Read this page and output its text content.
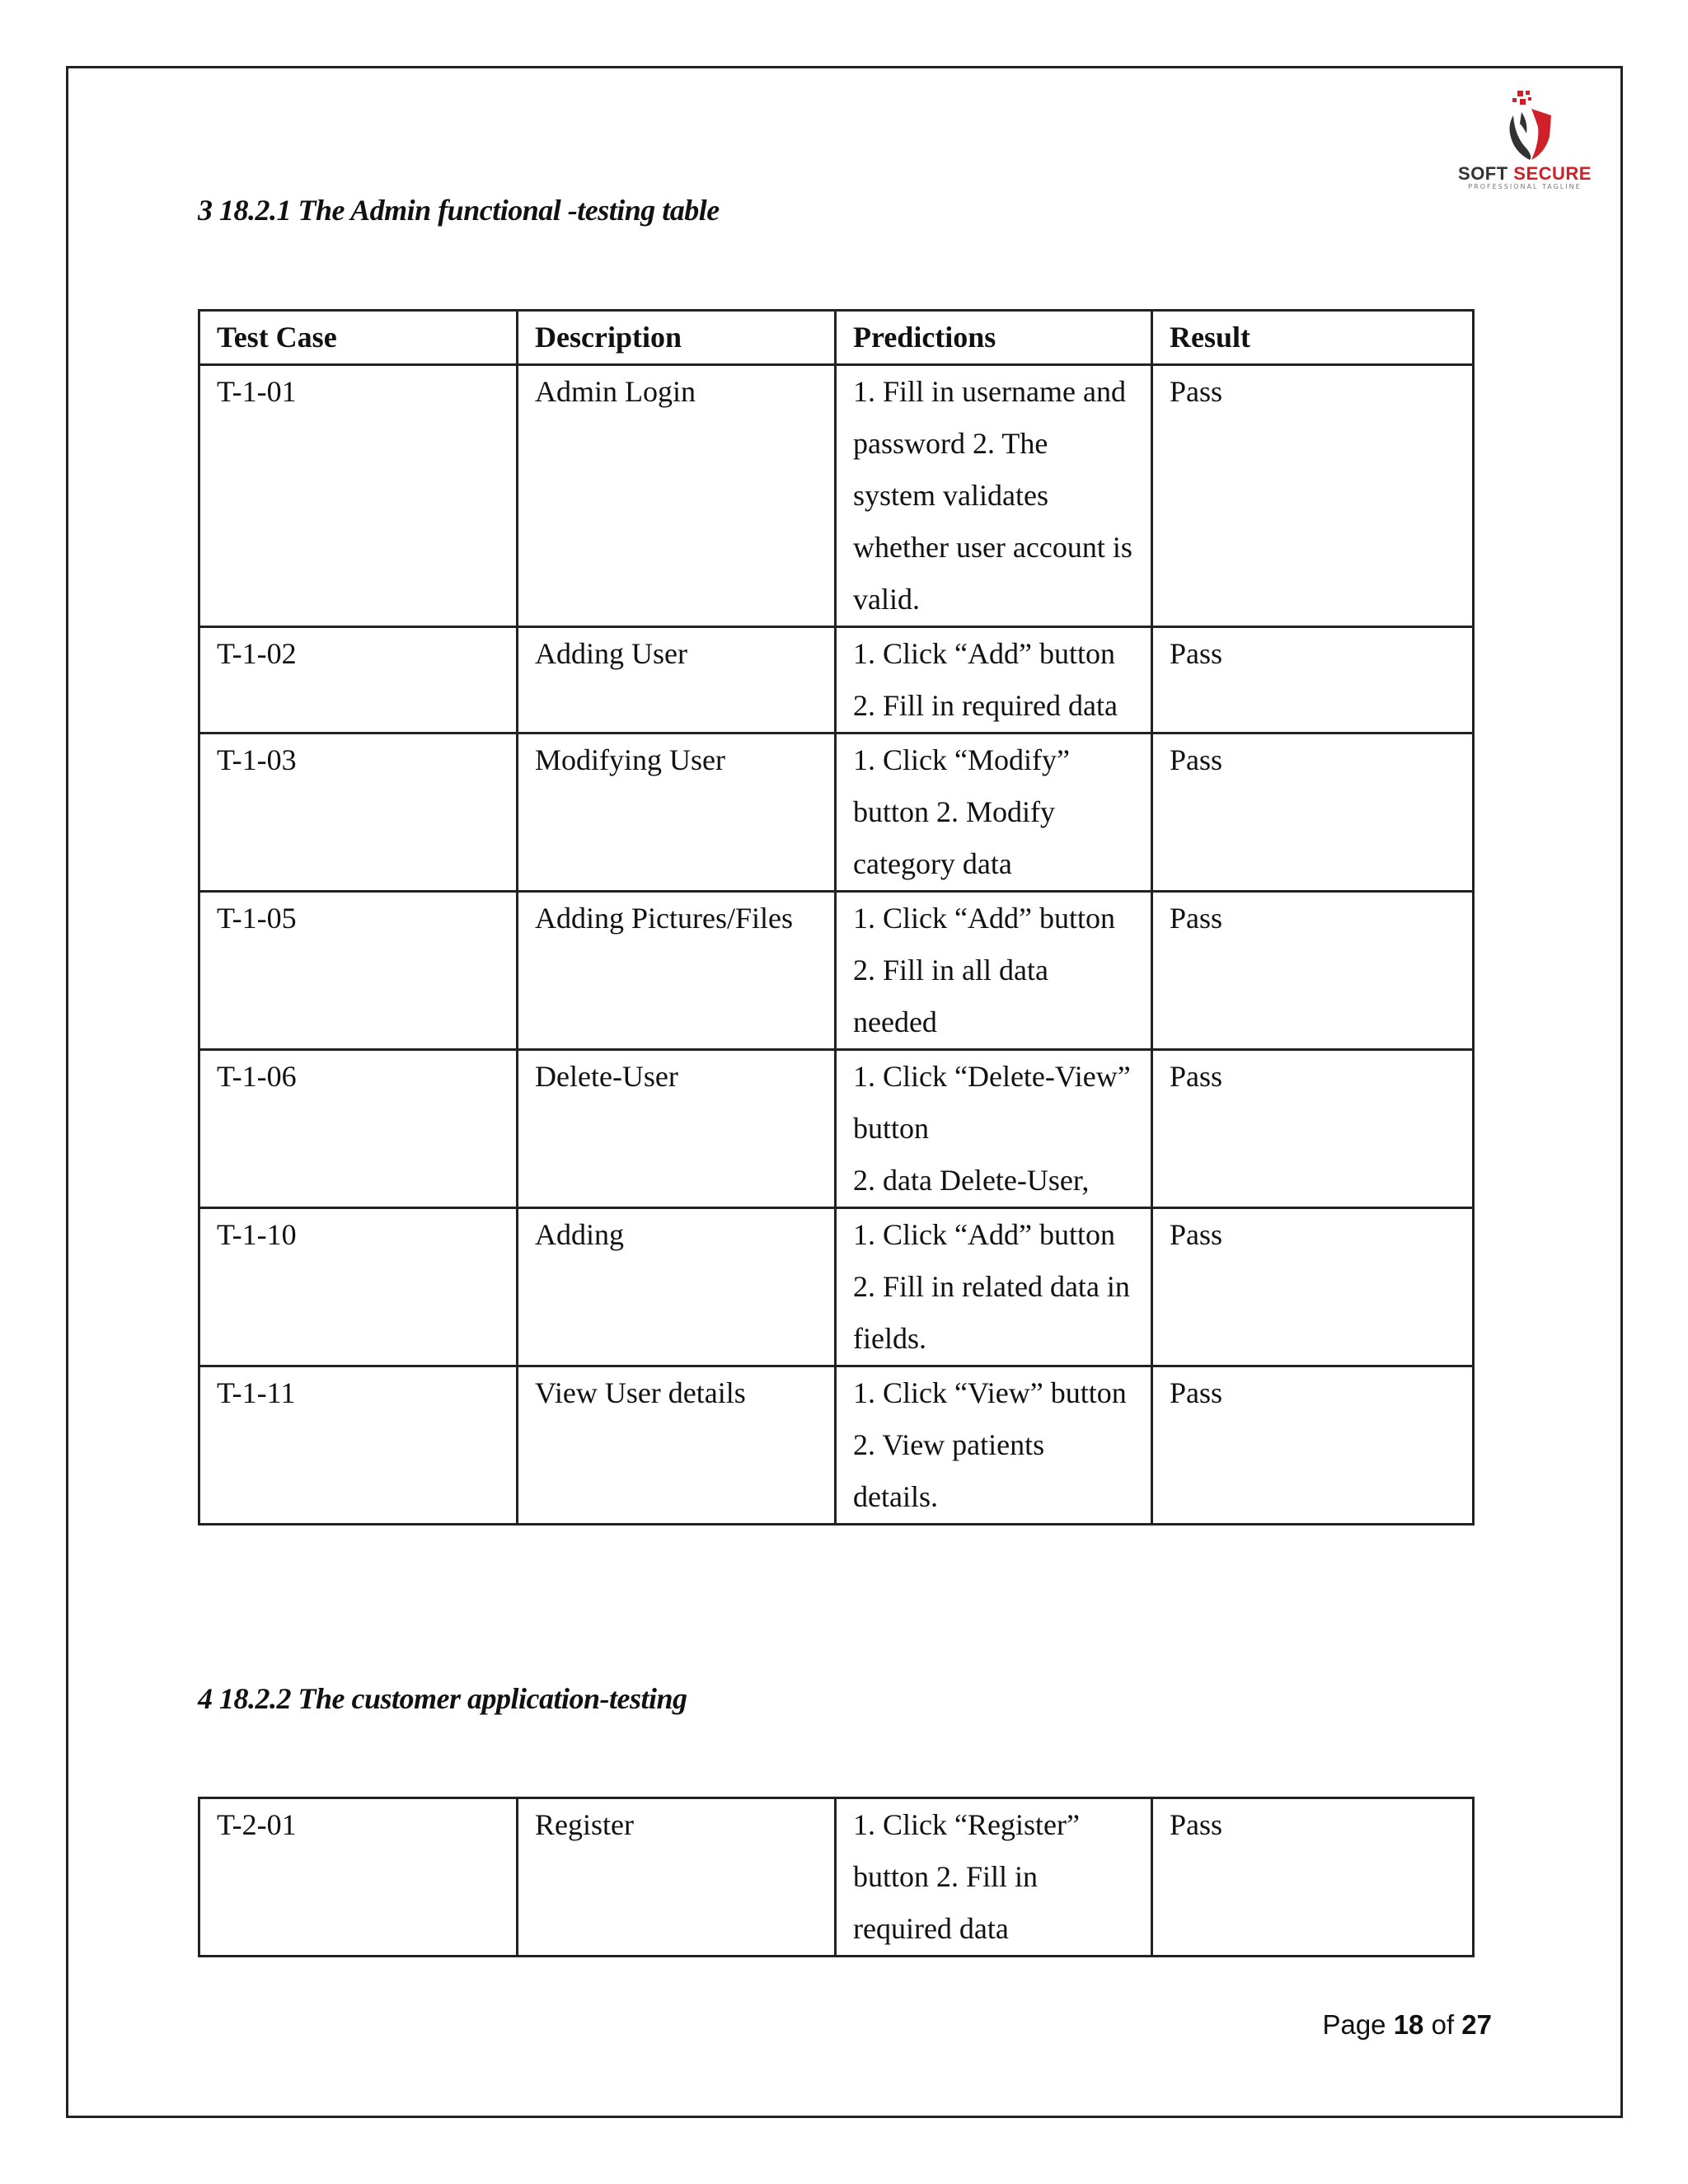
SOFT SECURE
PROFESSIONAL TAGLINE
3 18.2.1 The Admin functional -testing table
Test Case	Description	Predictions	Result
T-1-01	Admin Login	1. Fill in username and
password 2. The
system validates
whether user account is
valid.	Pass
T-1-02	Adding User	1. Click “Add” button
2. Fill in required data	Pass
T-1-03	Modifying User	1. Click “Modify”
button 2. Modify
category data	Pass
T-1-05	Adding Pictures/Files	1. Click “Add” button
2. Fill in all data
needed	Pass
T-1-06	Delete-User	1. Click “Delete-View”
button
2. data Delete-User,	Pass
T-1-10	Adding	1. Click “Add” button
2. Fill in related data in
fields.	Pass
T-1-11	View User details	1. Click “View” button
2. View patients
details.	Pass
4 18.2.2 The customer application-testing
T-2-01	Register	1. Click “Register”
button 2. Fill in
required data
	Pass
Page 18 of 27
